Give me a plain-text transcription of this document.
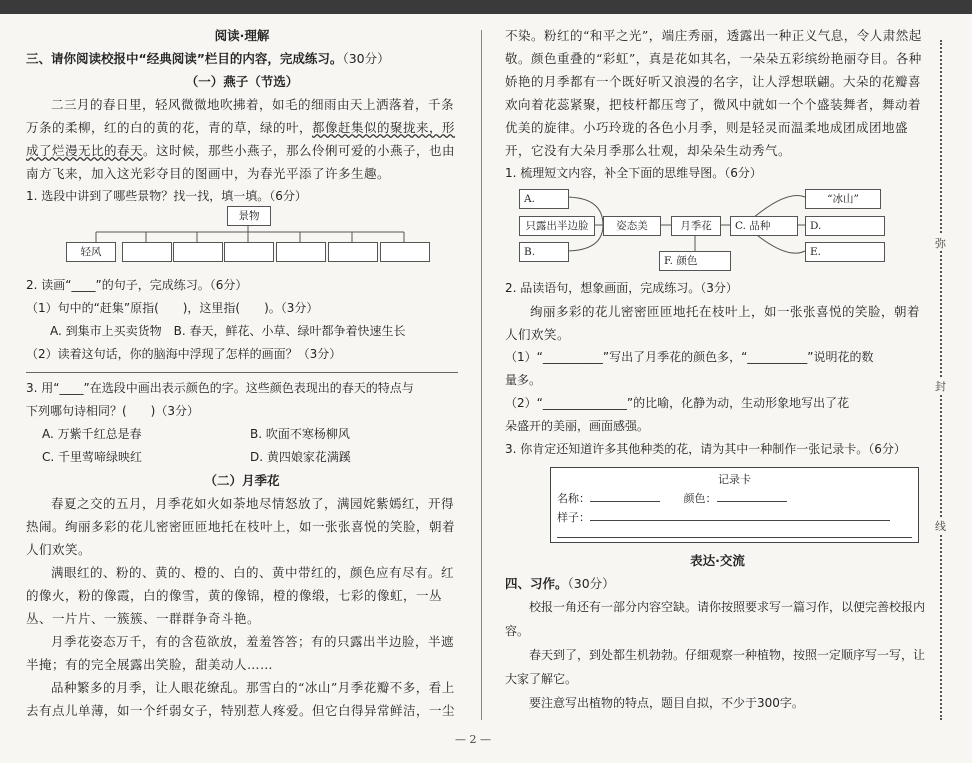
阅读·理解

三、请你阅读校报中“经典阅读”栏目的内容，完成练习。（30分）

（一）燕子（节选）

二三月的春日里，轻风微微地吹拂着，如毛的细雨由天上洒落着，千条万条的柔柳，红的白的黄的花，青的草，绿的叶，都像赶集似的聚拢来，形成了烂漫无比的春天。这时候，那些小燕子，那么伶俐可爱的小燕子，也由南方飞来，加入这光彩夺目的图画中，为春光平添了许多生趣。

1. 选段中讲到了哪些景物？找一找，填一填。（6分）

景物
轻风

2. 读画“____”的句子，完成练习。（6分）

（1）句中的“赶集”原指(　　)，这里指(　　)。（3分）

A. 到集市上买卖货物　B. 春天，鲜花、小草、绿叶都争着快速生长

（2）读着这句话，你的脑海中浮现了怎样的画面？（3分）

3. 用“____”在选段中画出表示颜色的字。这些颜色表现出的春天的特点与

下列哪句诗相同？(　　)（3分）

A. 万紫千红总是春	B. 吹面不寒杨柳风
C. 千里莺啼绿映红	D. 黄四娘家花满蹊

（二）月季花

春夏之交的五月，月季花如火如荼地尽情怒放了，满园姹紫嫣红，开得热闹。绚丽多彩的花儿密密匝匝地托在枝叶上，如一张张喜悦的笑脸，朝着人们欢笑。

满眼红的、粉的、黄的、橙的、白的、黄中带红的，颜色应有尽有。红的像火，粉的像霞，白的像雪，黄的像锦，橙的像缎，七彩的像虹，一丛丛、一片片、一簇簇、一群群争奇斗艳。

月季花姿态万千，有的含苞欲放，羞羞答答；有的只露出半边脸，半遮半掩；有的完全展露出笑脸，甜美动人……

品种繁多的月季，让人眼花缭乱。那雪白的“冰山”月季花瓣不多，看上去有点儿单薄，如一个纤弱女子，特别惹人疼爱。但它白得异常鲜洁，一尘

不染。粉红的“和平之光”，端庄秀丽，透露出一种正义气息，令人肃然起敬。颜色重叠的“彩虹”，真是花如其名，一朵朵五彩缤纷艳丽夺目。各种娇艳的月季都有一个既好听又浪漫的名字，让人浮想联翩。大朵的花瓣喜欢向着花蕊紧聚，把枝杆都压弯了，微风中就如一个个盛装舞者，舞动着优美的旋律。小巧玲珑的各色小月季，则是轻灵而温柔地成团成团地盛开，它没有大朵月季那么壮观，却朵朵生动秀气。

1. 梳理短文内容，补全下面的思维导图。（6分）

A.
只露出半边脸
B.
姿态美	月季花
F. 颜色
C. 品种
“冰山”
D.
E.

2. 品读语句，想象画面，完成练习。（3分）

绚丽多彩的花儿密密匝匝地托在枝叶上，如一张张喜悦的笑脸，朝着人们欢笑。

（1）“__________”写出了月季花的颜色多，“__________”说明花的数

量多。

（2）“______________”的比喻，化静为动，生动形象地写出了花

朵盛开的美丽，画面感强。

3. 你肯定还知道许多其他种类的花，请为其中一种制作一张记录卡。（6分）

记录卡
名称：	颜色：
样子：

表达·交流

四、习作。（30分）

校报一角还有一部分内容空缺。请你按照要求写一篇习作，以便完善校报内容。

春天到了，到处都生机勃勃。仔细观察一种植物，按照一定顺序写一写，让大家了解它。

要注意写出植物的特点，题目自拟，不少于300字。

弥
封
线
— 2 —
